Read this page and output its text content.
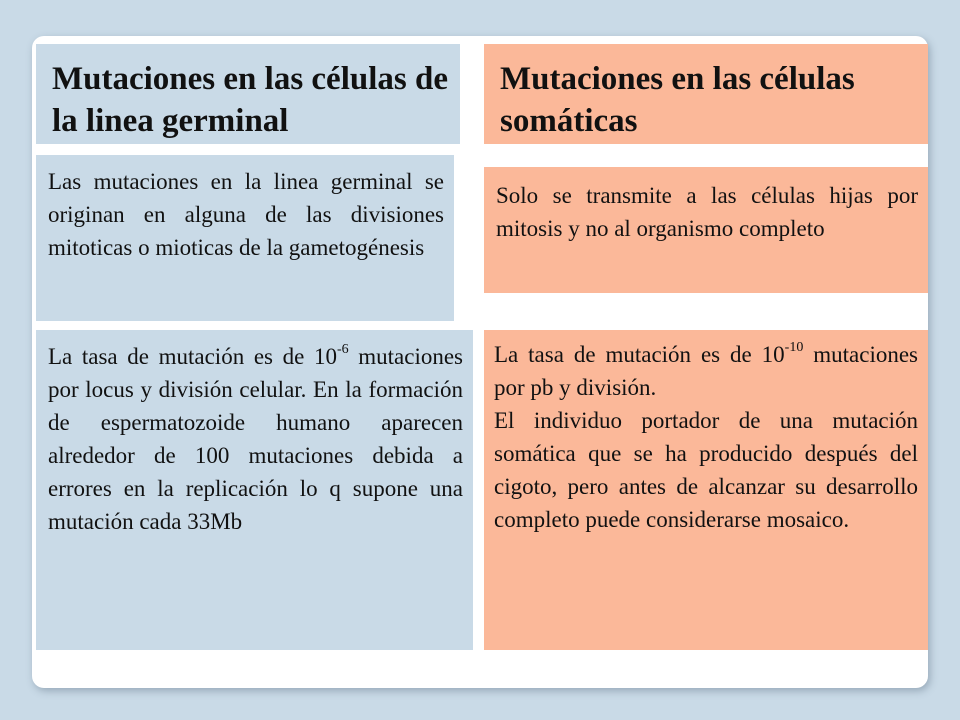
Mutaciones en las células de la linea germinal
Mutaciones en las células somáticas

Las mutaciones en la linea germinal se originan en alguna de las divisiones mitoticas o mioticas de la gametogénesis

Solo se transmite a las células hijas por mitosis y no al organismo completo

La tasa de mutación es de $10^{-6}$ mutaciones por locus y división celular. En la formación de espermatozoide humano aparecen alrededor de 100 mutaciones debida a errores en la replicación lo q supone una mutación cada 33Mb

La tasa de mutación es de $10^{-10}$ mutaciones por pb y división.

El individuo portador de una mutación somática que se ha producido después del cigoto, pero antes de alcanzar su desarrollo completo puede considerarse mosaico.
